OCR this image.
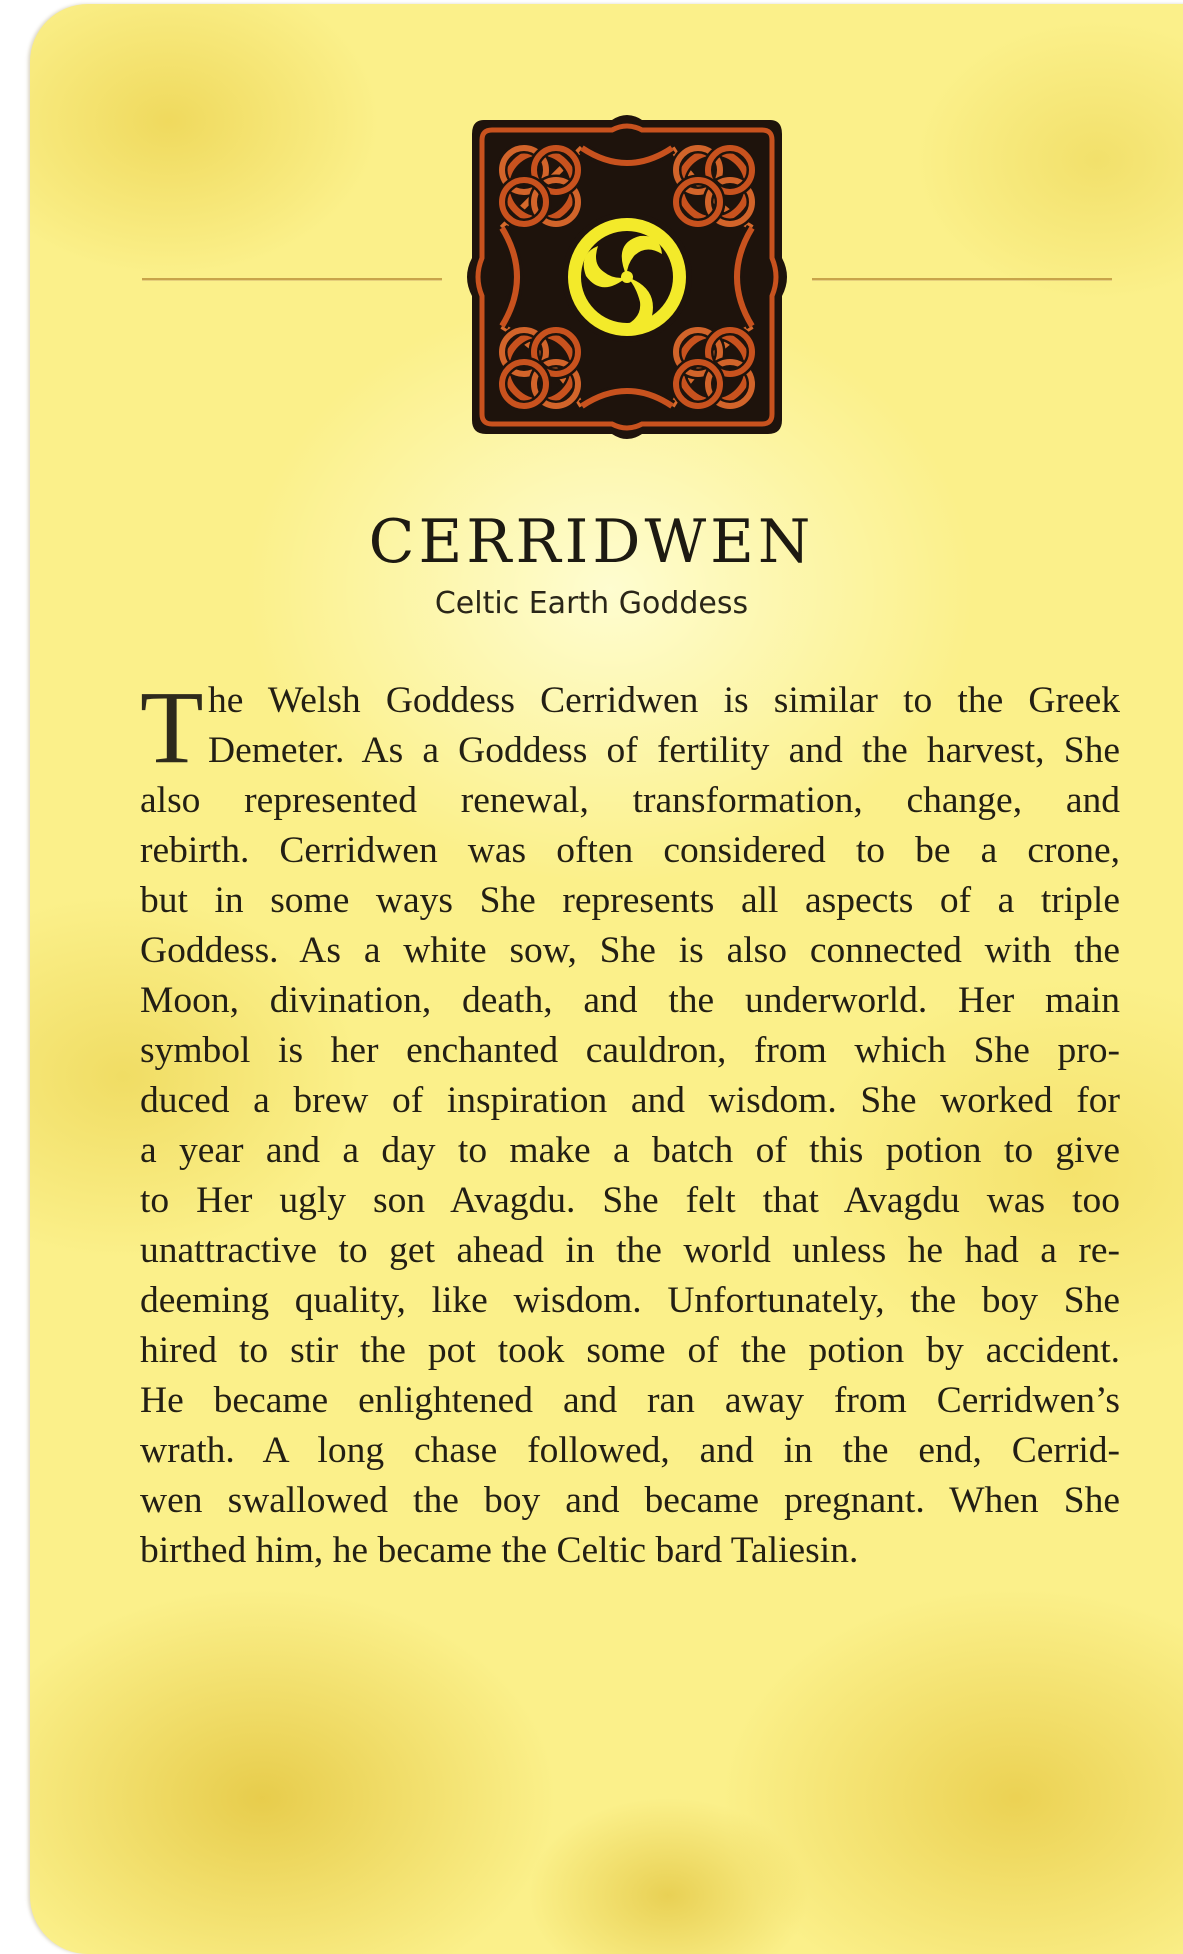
CERRIDWEN
Celtic Earth Goddess
T he Welsh Goddess Cerridwen is similar to the Greek
Demeter. As a Goddess of fertility and the harvest, She
also represented renewal, transformation, change, and
rebirth. Cerridwen was often considered to be a crone,
but in some ways She represents all aspects of a triple
Goddess. As a white sow, She is also connected with the
Moon, divination, death, and the underworld. Her main
symbol is her enchanted cauldron, from which She pro-
duced a brew of inspiration and wisdom. She worked for
a year and a day to make a batch of this potion to give
to Her ugly son Avagdu. She felt that Avagdu was too
unattractive to get ahead in the world unless he had a re-
deeming quality, like wisdom. Unfortunately, the boy She
hired to stir the pot took some of the potion by accident.
He became enlightened and ran away from Cerridwen’s
wrath. A long chase followed, and in the end, Cerrid-
wen swallowed the boy and became pregnant. When She
birthed him, he became the Celtic bard Taliesin.
